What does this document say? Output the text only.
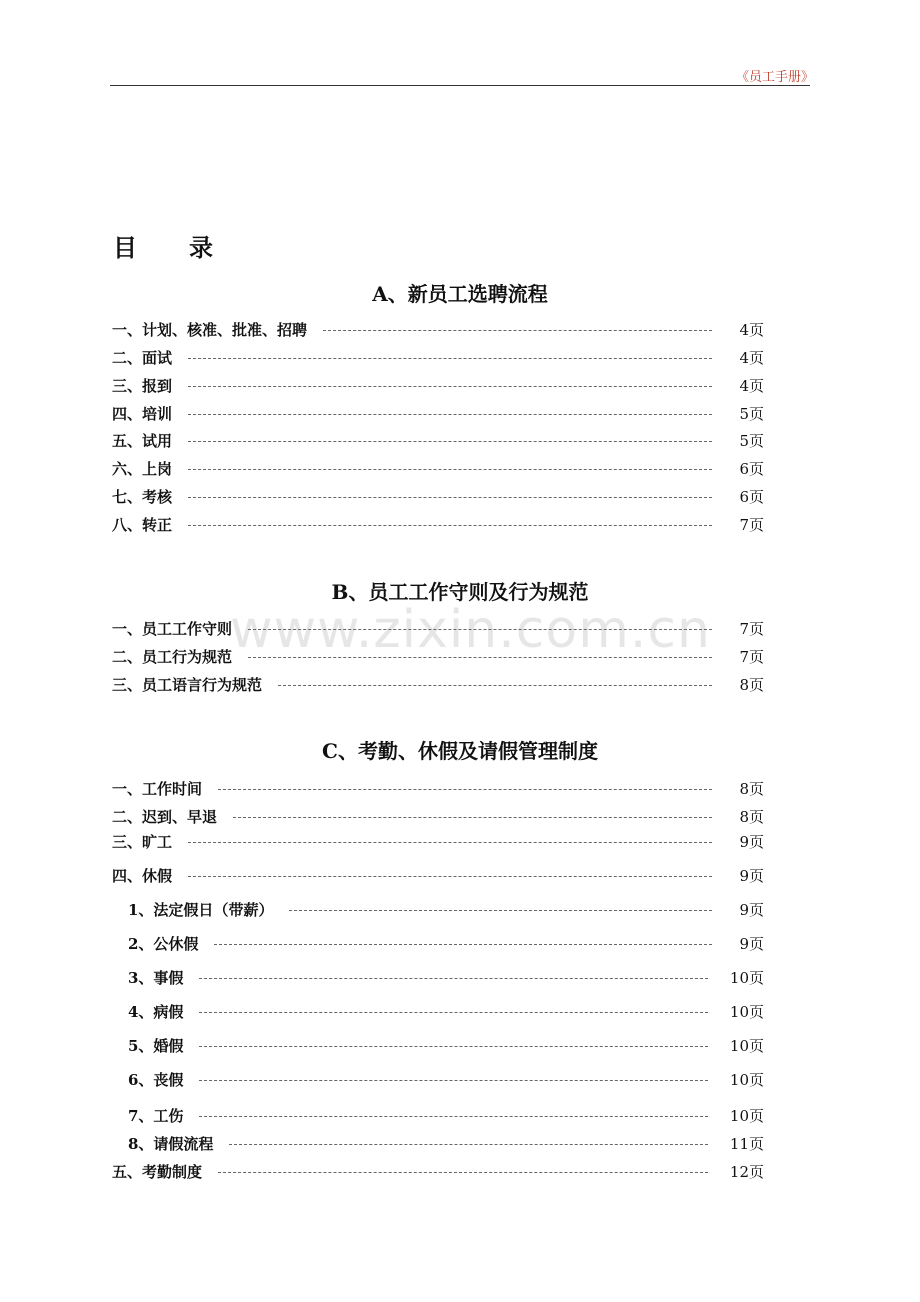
《员工手册》
目 录
www.zixin.com.cn
A、新员工选聘流程
一、计划、核准、批准、招聘	4页
二、面试	4页
三、报到	4页
四、培训	5页
五、试用	5页
六、上岗	6页
七、考核	6页
八、转正	7页
B、员工工作守则及行为规范
一、员工工作守则	7页
二、员工行为规范	7页
三、员工语言行为规范	8页
C、考勤、休假及请假管理制度
一、工作时间	8页
二、迟到、早退	8页
三、旷工	9页
四、休假	9页
1、法定假日（带薪）	9页
2、公休假	9页
3、事假	10页
4、病假	10页
5、婚假	10页
6、丧假	10页
7、工伤	10页
8、请假流程	11页
五、考勤制度	12页
